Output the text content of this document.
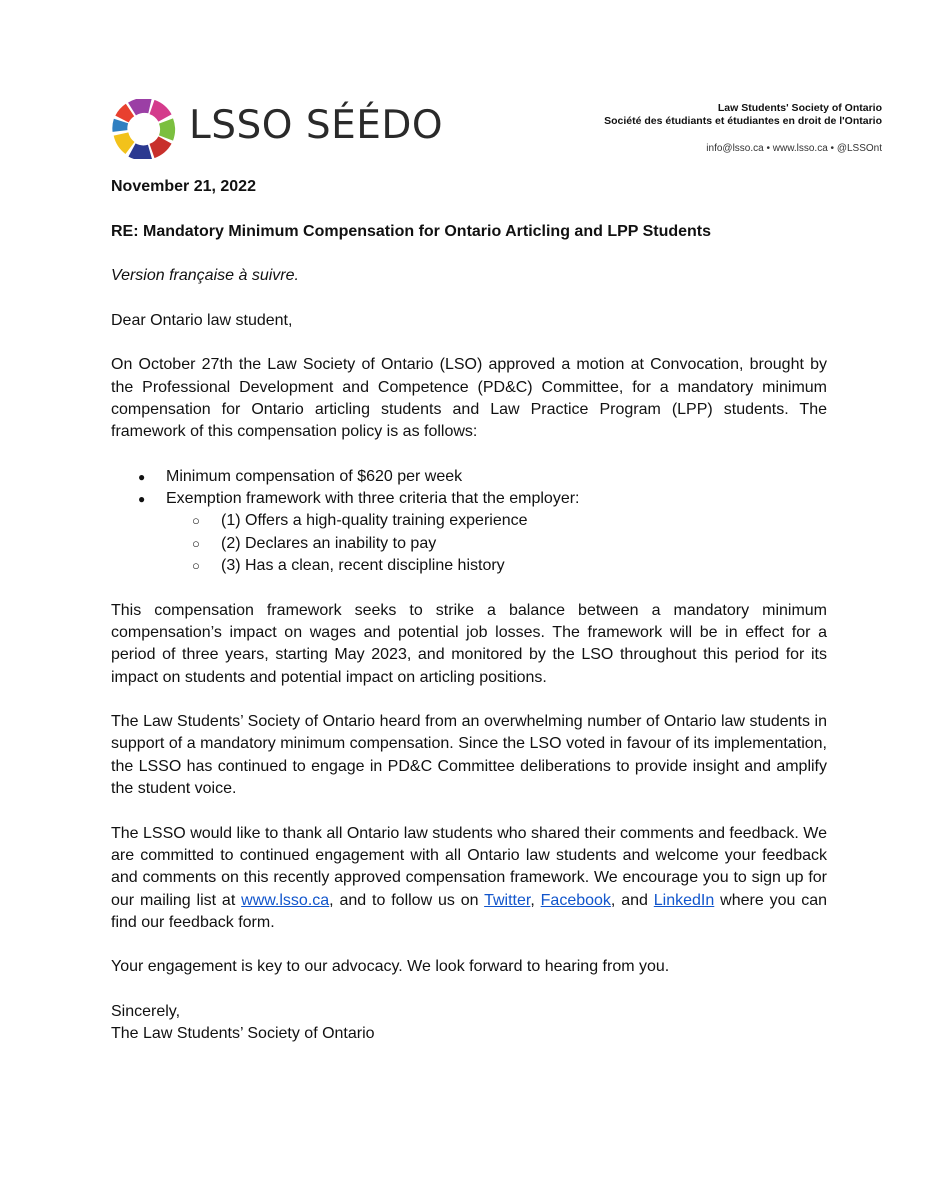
LSSO SÉÉDO	Law Students' Society of Ontario
Société des étudiants et étudiantes en droit de l'Ontario
info@lsso.ca • www.lsso.ca • @LSSOnt

November 21, 2022

RE: Mandatory Minimum Compensation for Ontario Articling and LPP Students

Version française à suivre.

Dear Ontario law student,

On October 27th the Law Society of Ontario (LSO) approved a motion at Convocation, brought by the Professional Development and Competence (PD&C) Committee, for a mandatory minimum compensation for Ontario articling students and Law Practice Program (LPP) students. The framework of this compensation policy is as follows:

● Minimum compensation of $620 per week
● Exemption framework with three criteria that the employer:
○ (1) Offers a high-quality training experience
○ (2) Declares an inability to pay
○ (3) Has a clean, recent discipline history

This compensation framework seeks to strike a balance between a mandatory minimum compensation’s impact on wages and potential job losses. The framework will be in effect for a period of three years, starting May 2023, and monitored by the LSO throughout this period for its impact on students and potential impact on articling positions.

The Law Students’ Society of Ontario heard from an overwhelming number of Ontario law students in support of a mandatory minimum compensation. Since the LSO voted in favour of its implementation, the LSSO has continued to engage in PD&C Committee deliberations to provide insight and amplify the student voice.

The LSSO would like to thank all Ontario law students who shared their comments and feedback. We are committed to continued engagement with all Ontario law students and welcome your feedback and comments on this recently approved compensation framework. We encourage you to sign up for our mailing list at www.lsso.ca, and to follow us on Twitter, Facebook, and LinkedIn where you can find our feedback form.

Your engagement is key to our advocacy. We look forward to hearing from you.

Sincerely,
The Law Students’ Society of Ontario
